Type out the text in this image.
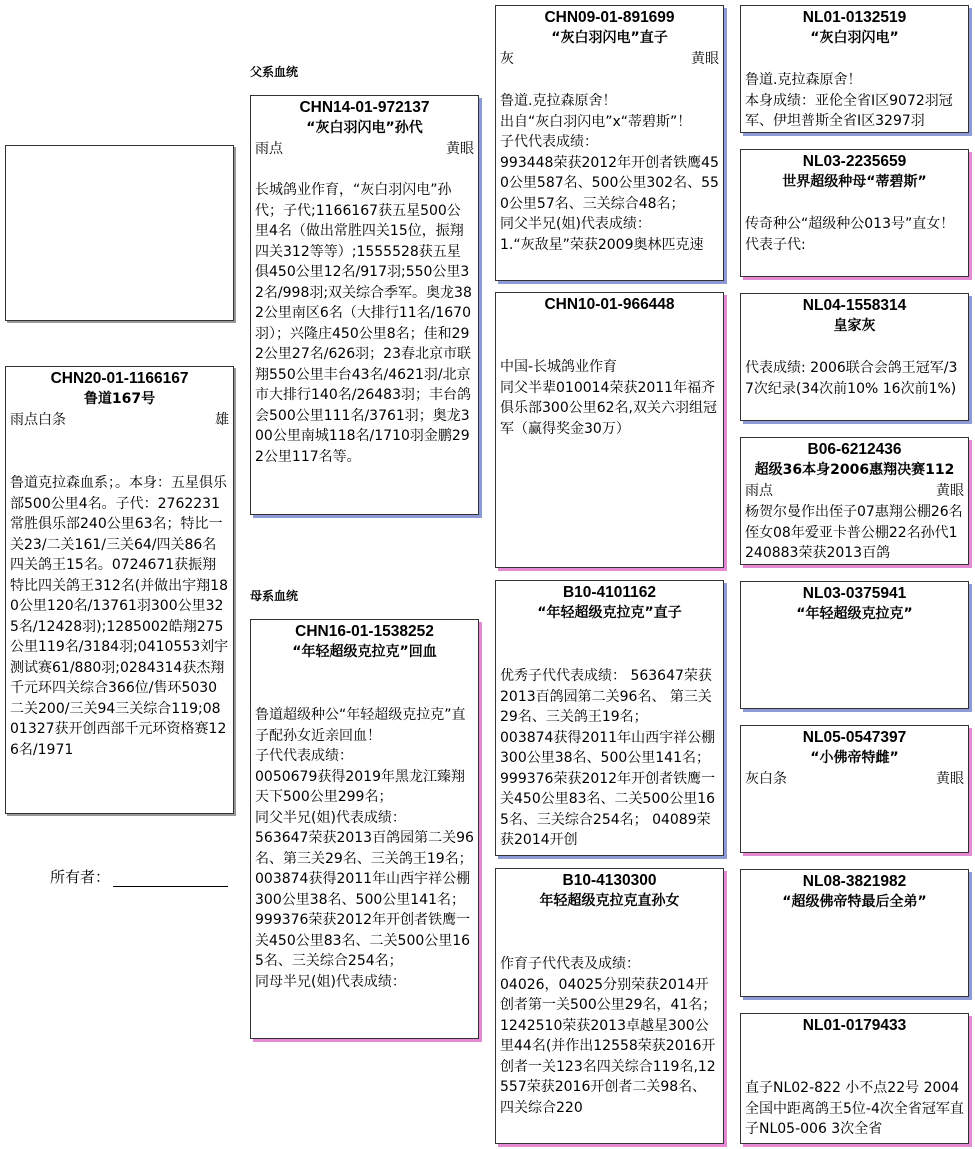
父系血统
母系血统
CHN20-01-1166167
鲁道167号
雨点白条	雄
鲁道克拉森血系；。本身：五星俱乐部500公里4名。子代：2762231常胜俱乐部240公里63名；特比一关23/二关161/三关64/四关86名四关鸽王15名。0724671获振翔特比四关鸽王312名(并做出宇翔180公里120名/13761羽300公里325名/12428羽);1285002皓翔275公里119名/3184羽;0410553刘宇测试赛61/880羽;0284314获杰翔千元环四关综合366位/售环5030二关200/三关94三关综合119;0801327获开创西部千元环资格赛126名/1971
所有者：
CHN14-01-972137
“灰白羽闪电”孙代
雨点	黄眼
长城鸽业作育，“灰白羽闪电”孙代；子代;1166167获五星500公里4名（做出常胜四关15位，振翔四关312等等）;1555528获五星俱450公里12名/917羽;550公里32名/998羽;双关综合季军。奥龙382公里南区6名（大排行11名/1670羽）；兴隆庄450公里8名；佳和292公里27名/626羽；23春北京市联翔550公里丰台43名/4621羽/北京市大排行140名/26483羽；丰台鸽会500公里111名/3761羽；奥龙300公里南城118名/1710羽金鹏292公里117名等。
CHN16-01-1538252
“年轻超级克拉克”回血
鲁道超级种公“年轻超级克拉克”直子配孙女近亲回血！
子代代表成绩：
0050679获得2019年黑龙江臻翔天下500公里299名；
同父半兄(姐)代表成绩：
563647荣获2013百鸽园第二关96名、第三关29名、三关鸽王19名；
003874获得2011年山西宇祥公棚300公里38名、500公里141名；
999376荣获2012年开创者铁鹰一关450公里83名、二关500公里165名、三关综合254名；
同母半兄(姐)代表成绩：
CHN09-01-891699
“灰白羽闪电”直子
灰	黄眼
鲁道.克拉森原舍！
出自“灰白羽闪电”x“蒂碧斯”！
子代代表成绩：
993448荣获2012年开创者铁鹰450公里587名、500公里302名、550公里57名、三关综合48名；
同父半兄(姐)代表成绩：
1.“灰敌星”荣获2009奥林匹克速
CHN10-01-966448
中国-长城鸽业作育
同父半辈010014荣获2011年福齐俱乐部300公里62名,双关六羽组冠军（赢得奖金30万）
B10-4101162
“年轻超级克拉克”直子
优秀子代代表成绩： 563647荣获2013百鸽园第二关96名、 第三关29名、三关鸽王19名；
003874获得2011年山西宇祥公棚300公里38名、500公里141名； 999376荣获2012年开创者铁鹰一关450公里83名、二关500公里165名、三关综合254名； 04089荣获2014开创
B10-4130300
年轻超级克拉克直孙女
作育子代代表及成绩：
04026，04025分别荣获2014开创者第一关500公里29名，41名；
1242510荣获2013卓越星300公里44名(并作出12558荣获2016开创者一关123名四关综合119名,12557荣获2016开创者二关98名、四关综合220
NL01-0132519
“灰白羽闪电”
鲁道.克拉森原舍！
本身成绩：亚伦全省I区9072羽冠军、伊坦普斯全省I区3297羽
NL03-2235659
世界超级种母“蒂碧斯”
传奇种公“超级种公013号”直女！
代表子代:
NL04-1558314
皇家灰
代表成绩: 2006联合会鸽王冠军/37次纪录(34次前10% 16次前1%)
B06-6212436
超级36本身2006惠翔决赛112
雨点	黄眼
杨贺尔曼作出侄子07惠翔公棚26名 侄女08年爱亚卡普公棚22名孙代1240883荣获2013百鸽
NL03-0375941
“年轻超级克拉克”
NL05-0547397
“小佛帝特雌”
灰白条	黄眼
NL08-3821982
“超级佛帝特最后全弟”
NL01-0179433
直子NL02-822 小不点22号 2004全国中距离鸽王5位-4次全省冠军直子NL05-006 3次全省
